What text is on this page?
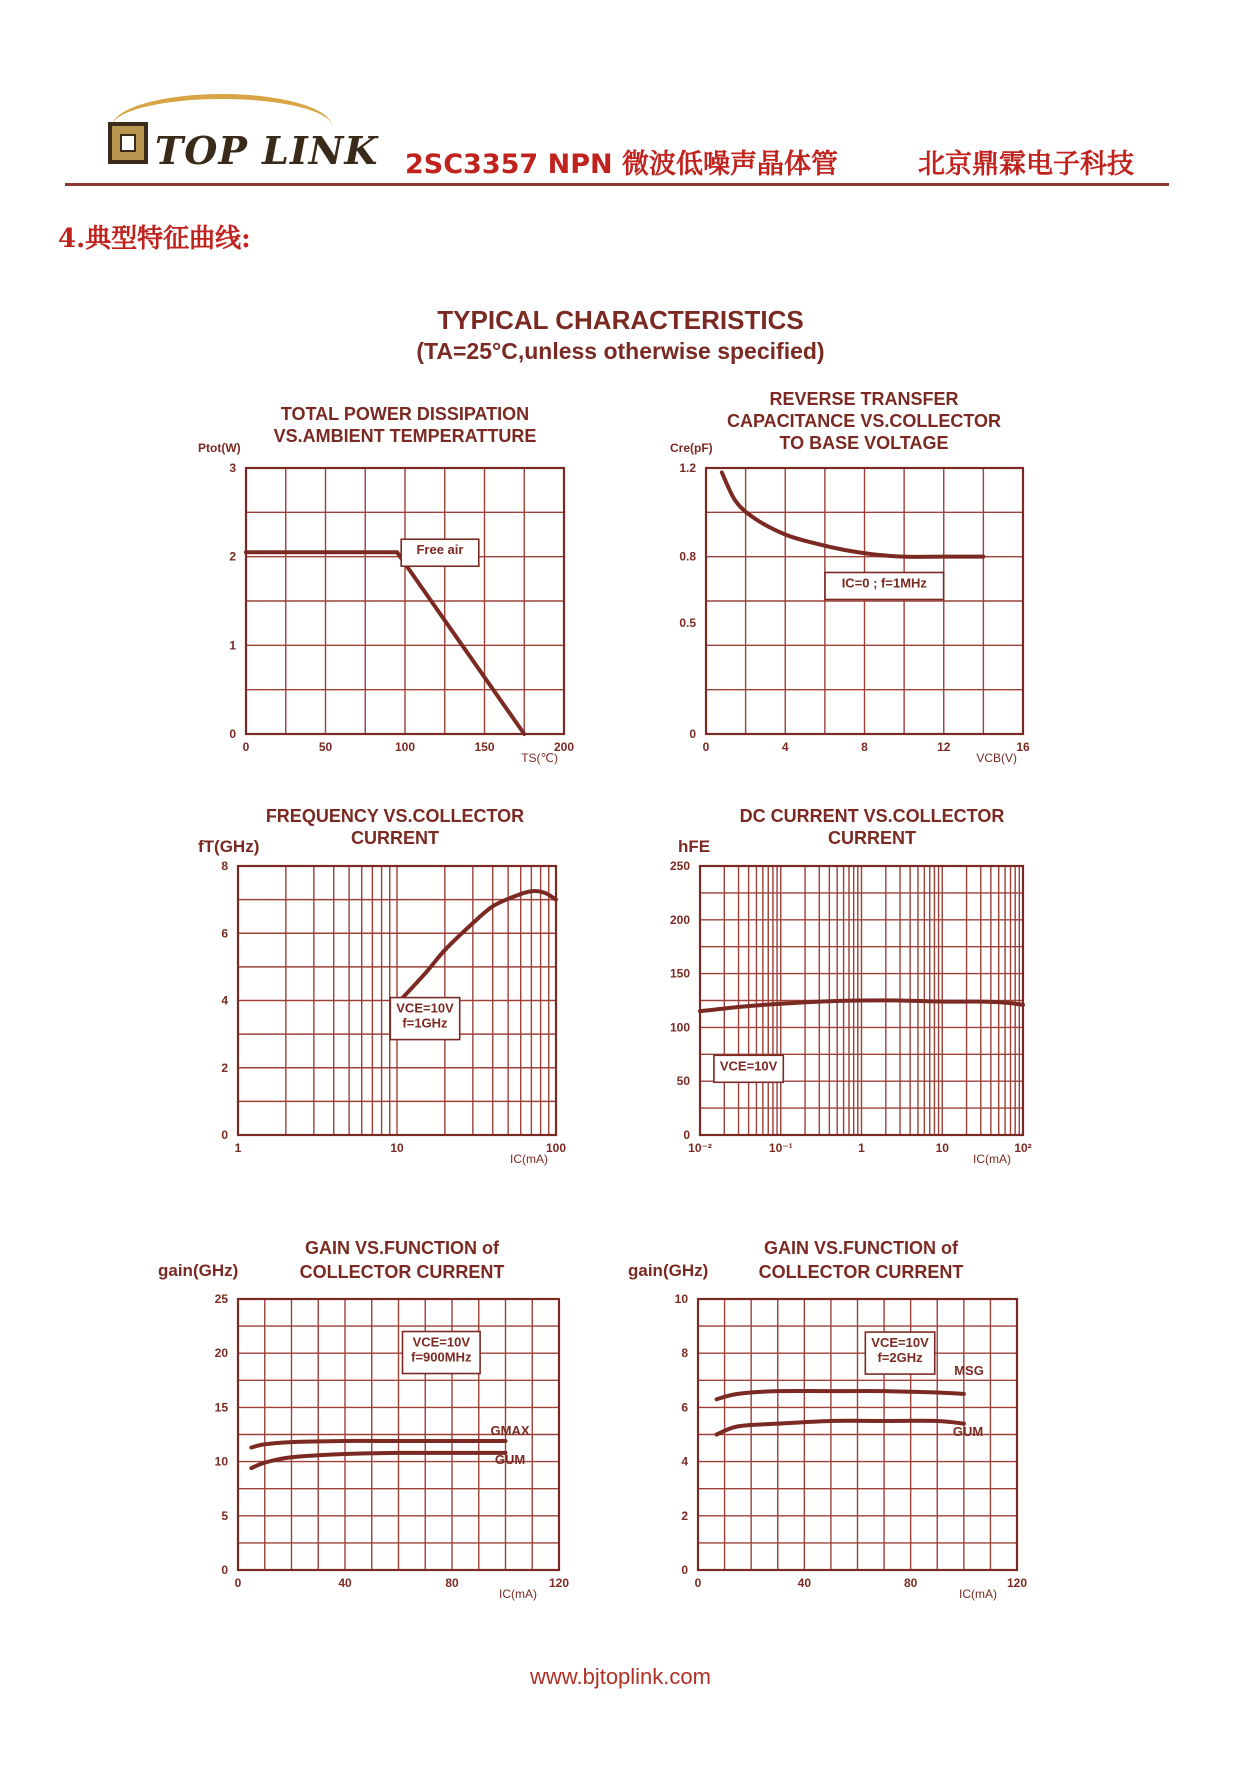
TOP LINK 2SC3357 NPN 微波低噪声晶体管	北京鼎霖电子科技
4.典型特征曲线:
TYPICAL CHARACTERISTICS
(TA=25°C,unless otherwise specified)
TOTAL POWER DISSIPATION
VS.AMBIENT TEMPERATTURE
0	50	100	150	200
0
1
2
3
Ptot(W)
TS(℃)
Free air
REVERSE TRANSFER
CAPACITANCE VS.COLLECTOR
TO BASE VOLTAGE
0	4	8	12	16
0
0.5
0.8
1.2
Cre(pF)
VCB(V)
IC=0 ; f=1MHz
FREQUENCY VS.COLLECTOR
CURRENT
1	10	100
0
2
4
6
8
fT(GHz)
IC(mA)
VCE=10V
f=1GHz
DC CURRENT VS.COLLECTOR
CURRENT
10⁻²	10⁻¹	1	10	10²
0
50
100
150
200
250
hFE
IC(mA)
VCE=10V
GAIN VS.FUNCTION of
COLLECTOR CURRENT
0	40	80	120
5
10
15
20
25
0
gain(GHz)
IC(mA)
VCE=10V
f=900MHz
GAIN VS.FUNCTION of
COLLECTOR CURRENT
0	40	80	120
2
4
6
8
10
0
gain(GHz)
IC(mA)
VCE=10V
f=2GHz
GMAX
GUM
MSG
GUM
www.bjtoplink.com
